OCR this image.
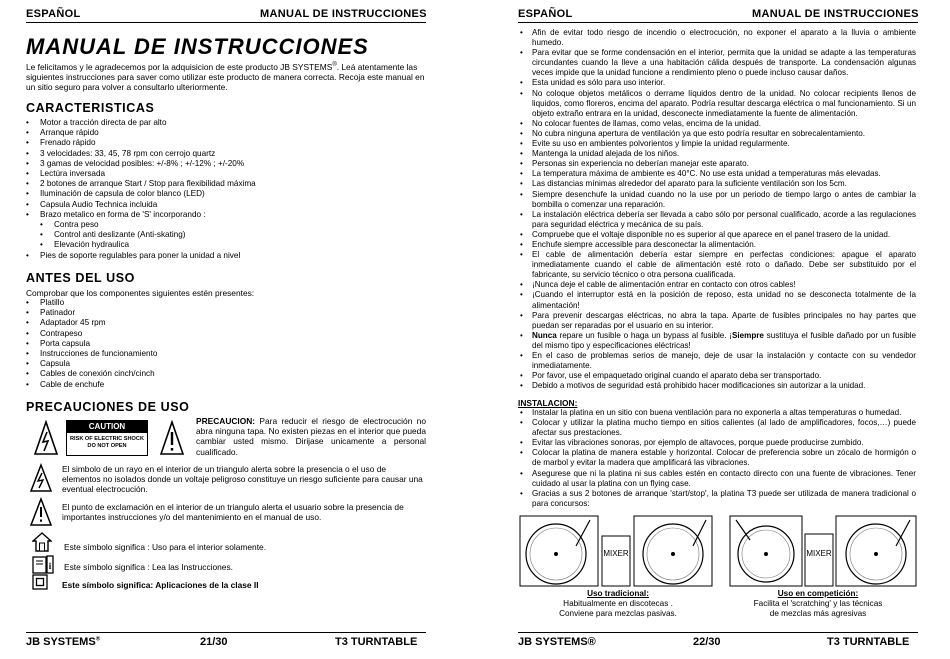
ESPAÑOL	MANUAL DE INSTRUCCIONES
MANUAL DE INSTRUCCIONES

Le felicitamos y le agradecemos por la adquisicion de este producto JB SYSTEMS®. Leá atentamente las siguientes instrucciones para saver como utilizar este producto de manera correcta. Recoja este manual en un sitio seguro para volver a consultarlo ulteriormente.

CARACTERISTICAS
• Motor a tracción directa de par alto
• Arranque rápido
• Frenado rápido
• 3 velocidades: 33, 45, 78 rpm con cerrojo quartz
• 3 gamas de velocidad posibles: +/-8% ; +/-12% ; +/-20%
• Lectúra inversada
• 2 botones de arranque Start / Stop para flexibilidad máxima
• Iluminación de capsula de color blanco (LED)
• Capsula Audio Technica incluida
• Brazo metalico en forma de 'S' incorporando :
• Contra peso
• Control anti deslizante (Anti-skating)
• Elevación hydraulica
• Pies de soporte regulables para poner la unidad a nivel
ANTES DEL USO

Comprobar que los componentes siguientes estén presentes:

• Platillo
• Patinador
• Adaptador 45 rpm
• Contrapeso
• Porta capsula
• Instrucciones de funcionamiento
• Capsula
• Cables de conexión cinch/cinch
• Cable de enchufe
PRECAUCIONES DE USO
CAUTION
RISK OF ELECTRIC SHOCK
DO NOT OPEN

PRECAUCION: Para reducir el riesgo de electrocución no abra ninguna tapa. No existen piezas en el interior que pueda cambiar usted mismo. Dirijase unicamente a personal cualificado.

El simbolo de un rayo en el interior de un triangulo alerta sobre la presencia o el uso de elementos no isolados donde un voltaje peligroso constituye un riesgo suficiente para causar una eventual electrocución.

El punto de exclamación en el interior de un triangulo alerta el usuario sobre la presencia de importantes instrucciones y/o del mantenimiento en el manual de uso.

Este símbolo significa : Uso para el interior solamente.

i Este símbolo significa : Lea las Instrucciones.

Este símbolo significa: Aplicaciones de la clase II

JB SYSTEMS®	21/30	T3 TURNTABLE
ESPAÑOL	MANUAL DE INSTRUCCIONES
• Afin de evitar todo riesgo de incendio o electrocución, no exponer el aparato a la lluvia o ambiente humedo.
• Para evitar que se forme condensación en el interior, permita que la unidad se adapte a las temperaturas circundantes cuando la lleve a una habitación cálida después de transporte. La condensación algunas veces impide que la unidad funcione a rendimiento pleno o puede incluso causar daños.
• Esta unidad es sólo para uso interior.
• No coloque objetos metálicos o derrame líquidos dentro de la unidad. No colocar recipients llenos de liquidos, como floreros, encima del aparato. Podría resultar descarga eléctrica o mal funcionamiento. Si un objeto extraño entrara en la unidad, desconecte inmediatamente la fuente de alimentación.
• No colocar fuentes de llamas, como velas, encima de la unidad.
• No cubra ninguna apertura de ventilación ya que esto podría resultar en sobrecalentamiento.
• Evite su uso en ambientes polvorientos y limpie la unidad regularmente.
• Mantenga la unidad alejada de los niños.
• Personas sin experiencia no deberían manejar este aparato.
• La temperatura máxima de ambiente es 40°C. No use esta unidad a temperaturas más elevadas.
• Las distancias mínimas alrededor del aparato para la suficiente ventilación son los 5cm.
• Siempre desenchufe la unidad cuando no la use por un periodo de tiempo largo o antes de cambiar la bombilla o comenzar una reparación.
• La instalación eléctrica debería ser llevada a cabo sólo por personal cualificado, acorde a las regulaciones para seguridad eléctrica y mecánica de su país.
• Compruebe que el voltaje disponible no es superior al que aparece en el panel trasero de la unidad.
• Enchufe siempre accessible para desconectar la alimentación.
• El cable de alimentación debería estar siempre en perfectas condiciones: apague el aparato inmediatamente cuando el cable de alimentación esté roto o dañado. Debe ser substituido por el fabricante, su servicio técnico o otra persona cualificada.
• ¡Nunca deje el cable de alimentación entrar en contacto con otros cables!
• ¡Cuando el interruptor está en la posición de reposo, esta unidad no se desconecta totalmente de la alimentación!
• Para prevenir descargas eléctricas, no abra la tapa. Aparte de fusibles principales no hay partes que puedan ser reparadas por el usuario en su interior.
• Nunca repare un fusible o haga un bypass al fusible. ¡Siempre sustituya el fusible dañado por un fusible del mismo tipo y especificaciones eléctricas!
• En el caso de problemas serios de manejo, deje de usar la instalación y contacte con su vendedor inmediatamente.
• Por favor, use el empaquetado original cuando el aparato deba ser transportado.
• Debido a motivos de seguridad está prohibido hacer modificaciones sin autorizar a la unidad.

INSTALACION:

• Instalar la platina en un sitio con buena ventilación para no exponerla a altas temperaturas o humedad.
• Colocar y utilizar la platina mucho tiempo en sitios calientes (al lado de amplificadores, focos,…) puede afectar sus prestaciones.
• Evitar las vibraciones sonoras, por ejemplo de altavoces, porque puede producirse zumbido.
• Colocar la platina de manera estable y horizontal. Colocar de preferencia sobre un zócalo de hormigón o de marbol y evitar la madera que amplificará las vibraciones.
• Asegurese que ni la platina ni sus cables estén en contacto directo con una fuente de vibraciones. Tener cuidado al usar la platina con un flying case.
• Gracias a sus 2 botones de arranque 'start/stop', la platina T3 puede ser utilizada de manera tradicional o para concursos:
MIXER	MIXER
Uso tradicional:
Habitualmente en discotecas .
Conviene para mezclas pasivas.
Uso en competición:
Facilita el 'scratching' y las técnicas
de mezclas más agresivas
JB SYSTEMS®	22/30	T3 TURNTABLE
